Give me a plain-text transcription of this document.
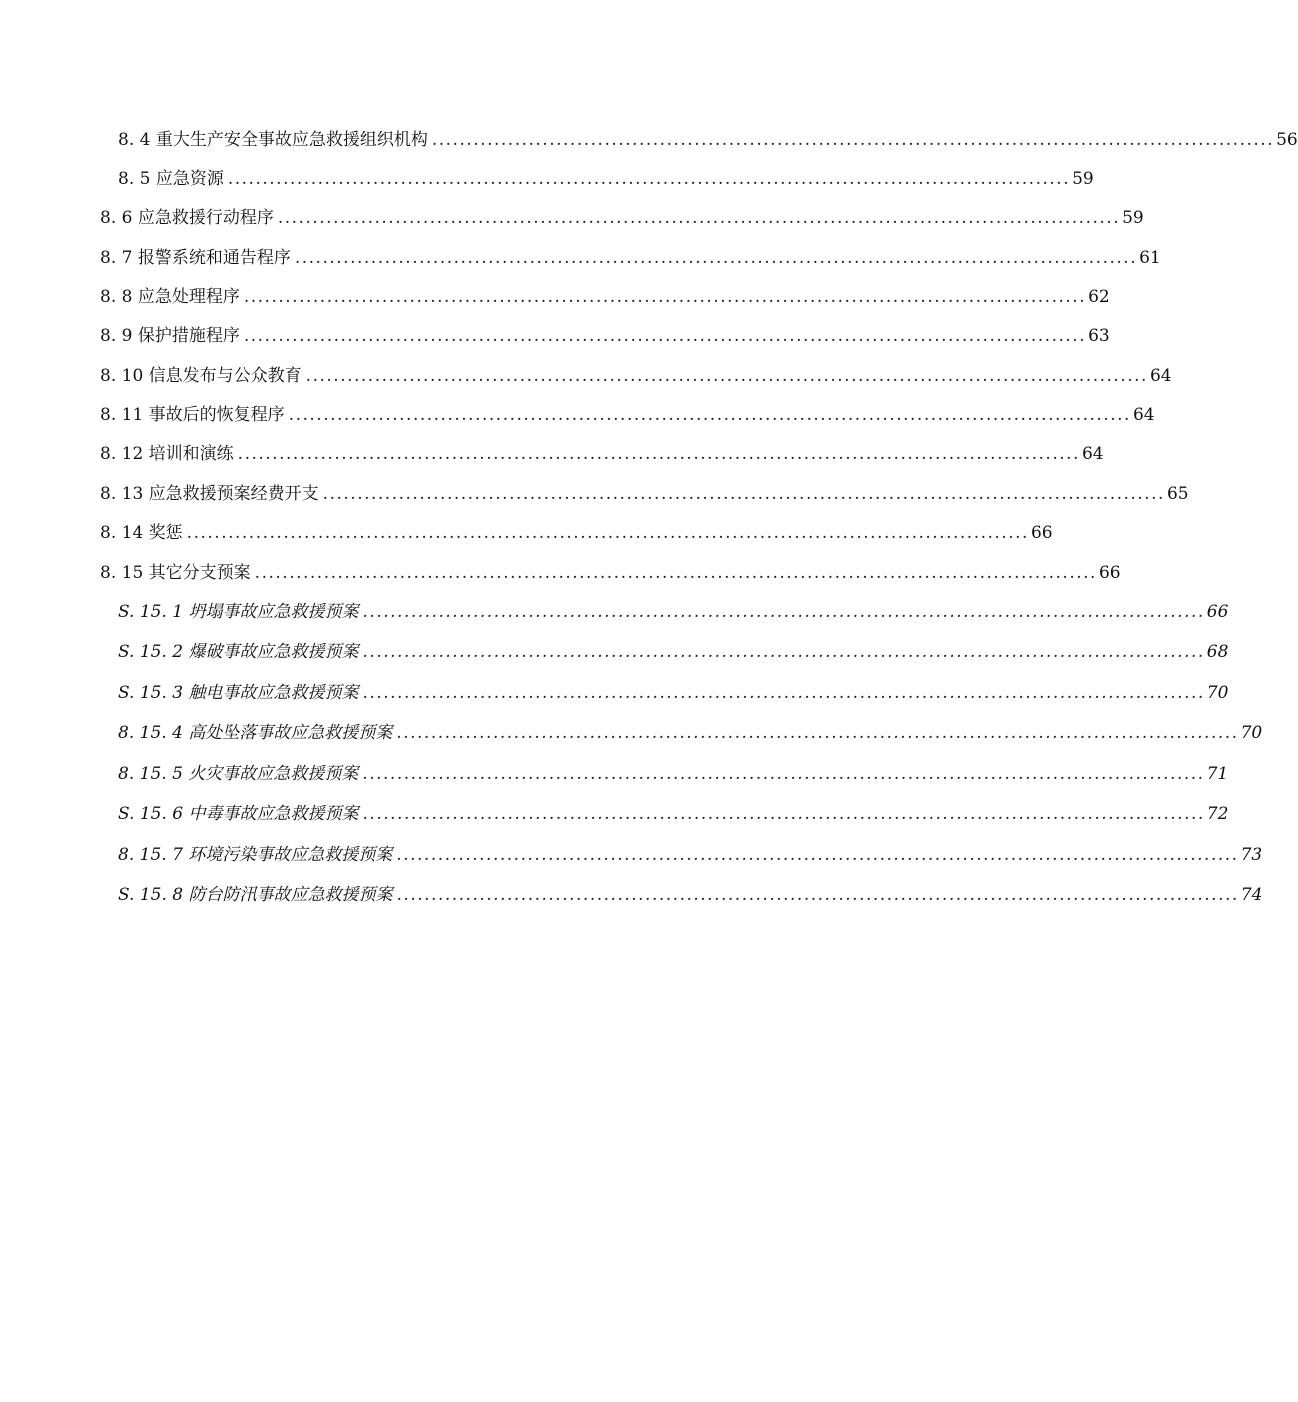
8. 4 重大生产安全事故应急救援组织机构 .......................................................................................................................... 56
8. 5 应急资源 .......................................................................................................................... 59
8. 6 应急救援行动程序 .......................................................................................................................... 59
8. 7 报警系统和通告程序 .......................................................................................................................... 61
8. 8 应急处理程序 .......................................................................................................................... 62
8. 9 保护措施程序 .......................................................................................................................... 63
8. 10 信息发布与公众教育 .......................................................................................................................... 64
8. 11 事故后的恢复程序 .......................................................................................................................... 64
8. 12 培训和演练 .......................................................................................................................... 64
8. 13 应急救援预案经费开支 .......................................................................................................................... 65
8. 14 奖惩 .......................................................................................................................... 66
8. 15 其它分支预案 .......................................................................................................................... 66
S. 15. 1 坍塌事故应急救援预案 .......................................................................................................................... 66
S. 15. 2 爆破事故应急救援预案 .......................................................................................................................... 68
S. 15. 3 触电事故应急救援预案 .......................................................................................................................... 70
8. 15. 4 高处坠落事故应急救援预案 .......................................................................................................................... 70
8. 15. 5 火灾事故应急救援预案 .......................................................................................................................... 71
S. 15. 6 中毒事故应急救援预案 .......................................................................................................................... 72
8. 15. 7 环境污染事故应急救援预案 .......................................................................................................................... 73
S. 15. 8 防台防汛事故应急救援预案 .......................................................................................................................... 74
